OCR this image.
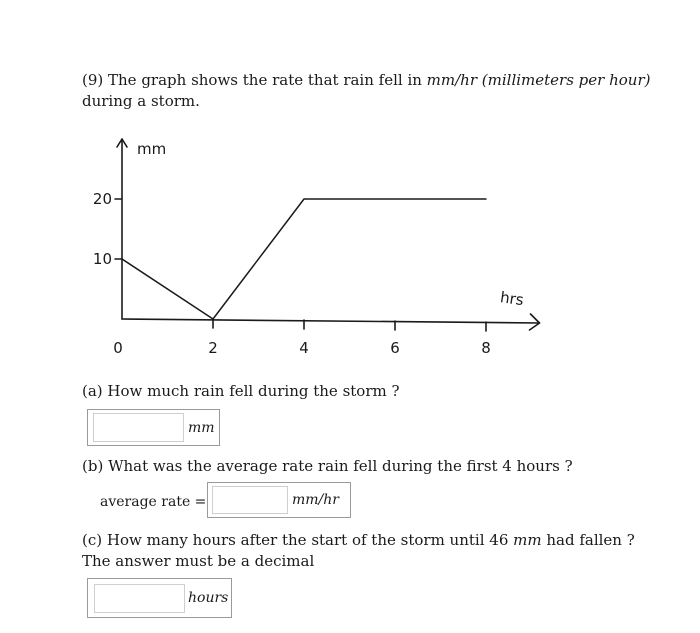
(9) The graph shows the rate that rain fell in mm/hr (millimeters per hour)
during a storm.
10
20
0	2	4	6	8
mm
hrs
(a) How much rain fell during the storm ?
mm
(b) What was the average rate rain fell during the first 4 hours ?
average rate =	mm/hr
(c) How many hours after the start of the storm until 46 mm had fallen ?
The answer must be a decimal
hours
